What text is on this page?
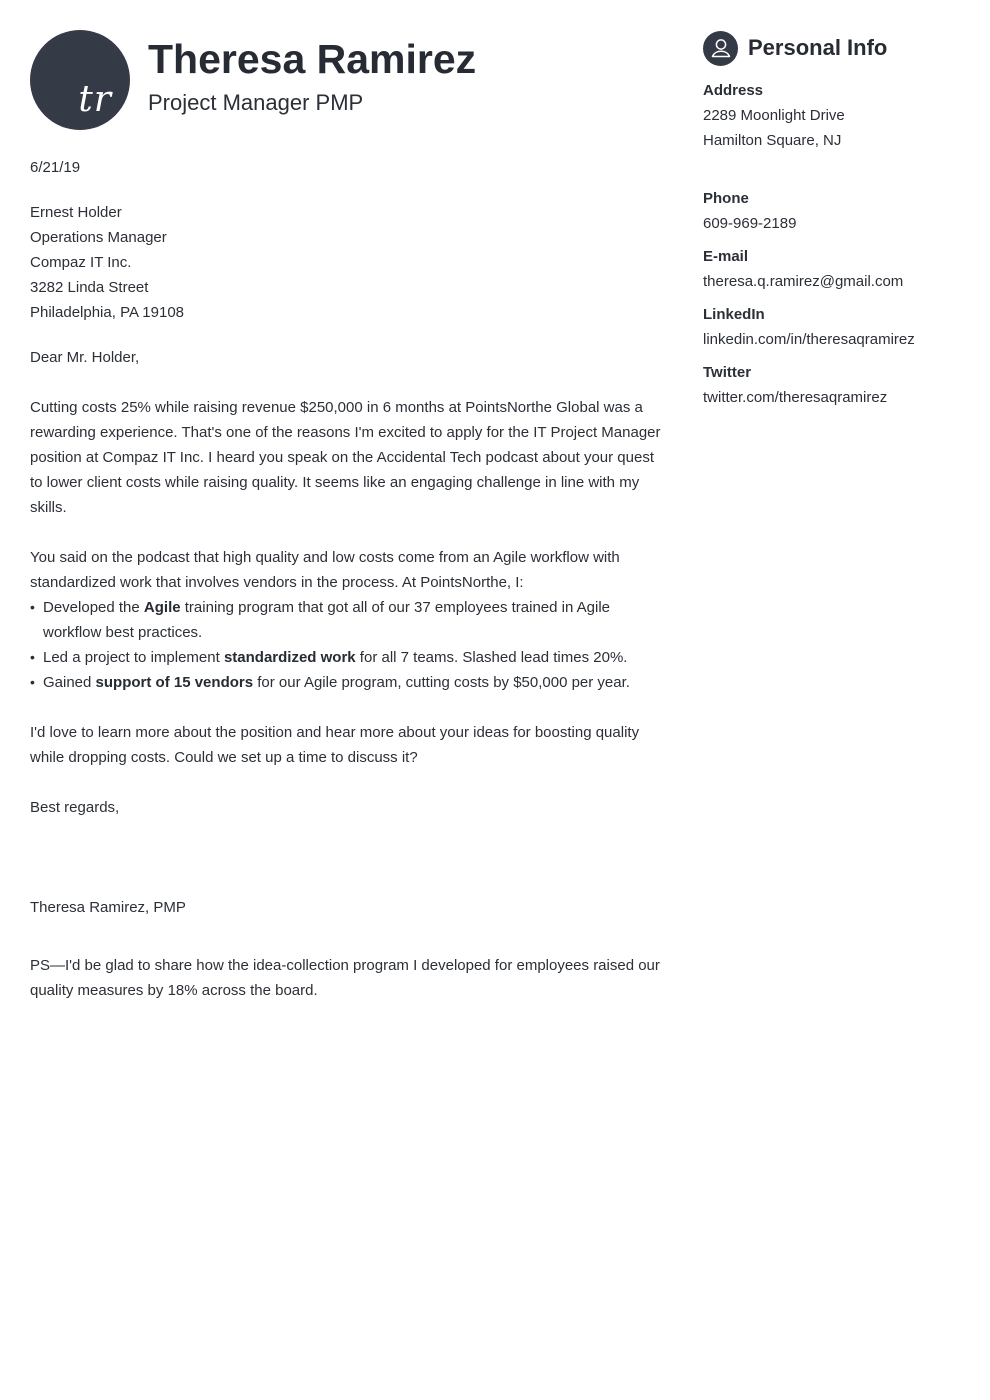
tr
Theresa Ramirez
Project Manager PMP

6/21/19

Ernest Holder
Operations Manager
Compaz IT Inc.
3282 Linda Street
Philadelphia, PA 19108

Dear Mr. Holder,

Cutting costs 25% while raising revenue $250,000 in 6 months at PointsNorthe Global was a rewarding experience. That's one of the reasons I'm excited to apply for the IT Project Manager position at Compaz IT Inc. I heard you speak on the Accidental Tech podcast about your quest to lower client costs while raising quality. It seems like an engaging challenge in line with my skills.

You said on the podcast that high quality and low costs come from an Agile workflow with standardized work that involves vendors in the process. At PointsNorthe, I:

• Developed the Agile training program that got all of our 37 employees trained in Agile workflow best practices.
• Led a project to implement standardized work for all 7 teams. Slashed lead times 20%.
• Gained support of 15 vendors for our Agile program, cutting costs by $50,000 per year.

I'd love to learn more about the position and hear more about your ideas for boosting quality while dropping costs. Could we set up a time to discuss it?

Best regards,

Theresa Ramirez, PMP

PS—I'd be glad to share how the idea-collection program I developed for employees raised our quality measures by 18% across the board.

Personal Info
Address
2289 Moonlight Drive
Hamilton Square, NJ
Phone
609-969-2189
E-mail
theresa.q.ramirez@gmail.com
LinkedIn
linkedin.com/in/theresaqramirez
Twitter
twitter.com/theresaqramirez
